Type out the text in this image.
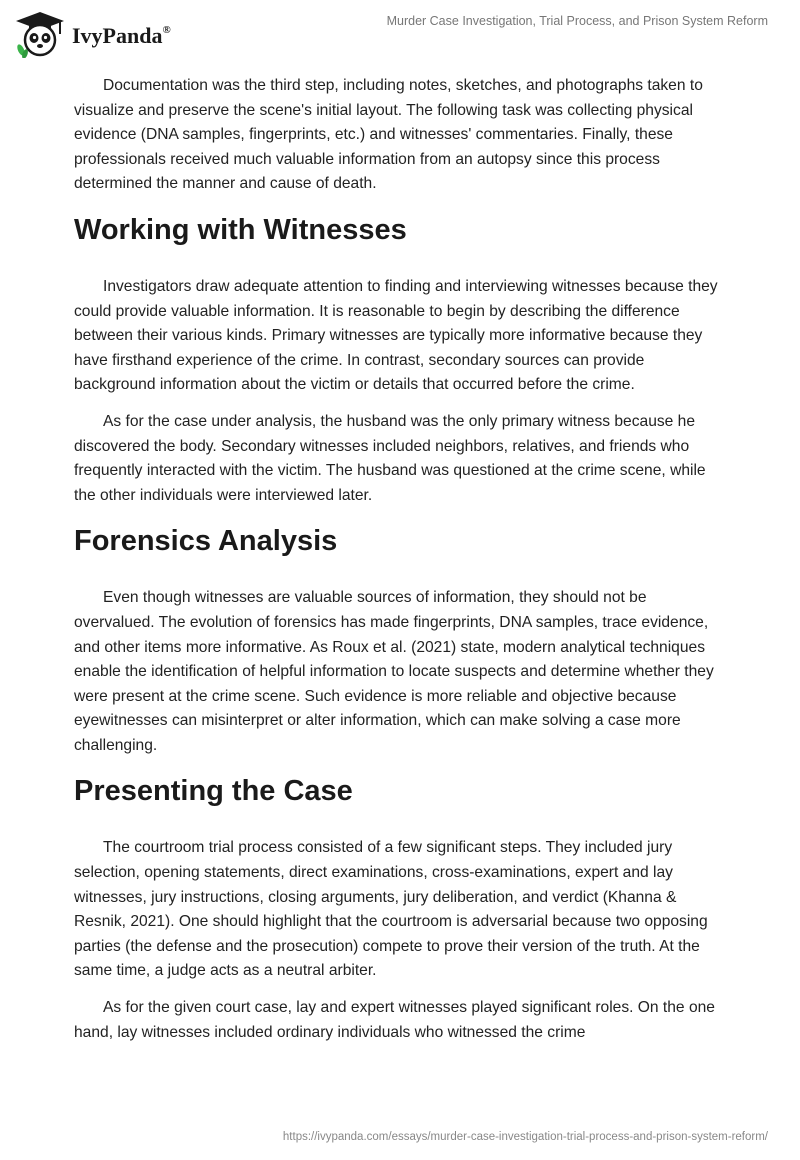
IvyPanda®
Murder Case Investigation, Trial Process, and Prison System Reform

Documentation was the third step, including notes, sketches, and photographs taken to visualize and preserve the scene's initial layout. The following task was collecting physical evidence (DNA samples, fingerprints, etc.) and witnesses' commentaries. Finally, these professionals received much valuable information from an autopsy since this process determined the manner and cause of death.

Working with Witnesses

Investigators draw adequate attention to finding and interviewing witnesses because they could provide valuable information. It is reasonable to begin by describing the difference between their various kinds. Primary witnesses are typically more informative because they have firsthand experience of the crime. In contrast, secondary sources can provide background information about the victim or details that occurred before the crime.

As for the case under analysis, the husband was the only primary witness because he discovered the body. Secondary witnesses included neighbors, relatives, and friends who frequently interacted with the victim. The husband was questioned at the crime scene, while the other individuals were interviewed later.

Forensics Analysis

Even though witnesses are valuable sources of information, they should not be overvalued. The evolution of forensics has made fingerprints, DNA samples, trace evidence, and other items more informative. As Roux et al. (2021) state, modern analytical techniques enable the identification of helpful information to locate suspects and determine whether they were present at the crime scene. Such evidence is more reliable and objective because eyewitnesses can misinterpret or alter information, which can make solving a case more challenging.

Presenting the Case

The courtroom trial process consisted of a few significant steps. They included jury selection, opening statements, direct examinations, cross-examinations, expert and lay witnesses, jury instructions, closing arguments, jury deliberation, and verdict (Khanna & Resnik, 2021). One should highlight that the courtroom is adversarial because two opposing parties (the defense and the prosecution) compete to prove their version of the truth. At the same time, a judge acts as a neutral arbiter.

As for the given court case, lay and expert witnesses played significant roles. On the one hand, lay witnesses included ordinary individuals who witnessed the crime

https://ivypanda.com/essays/murder-case-investigation-trial-process-and-prison-system-reform/
